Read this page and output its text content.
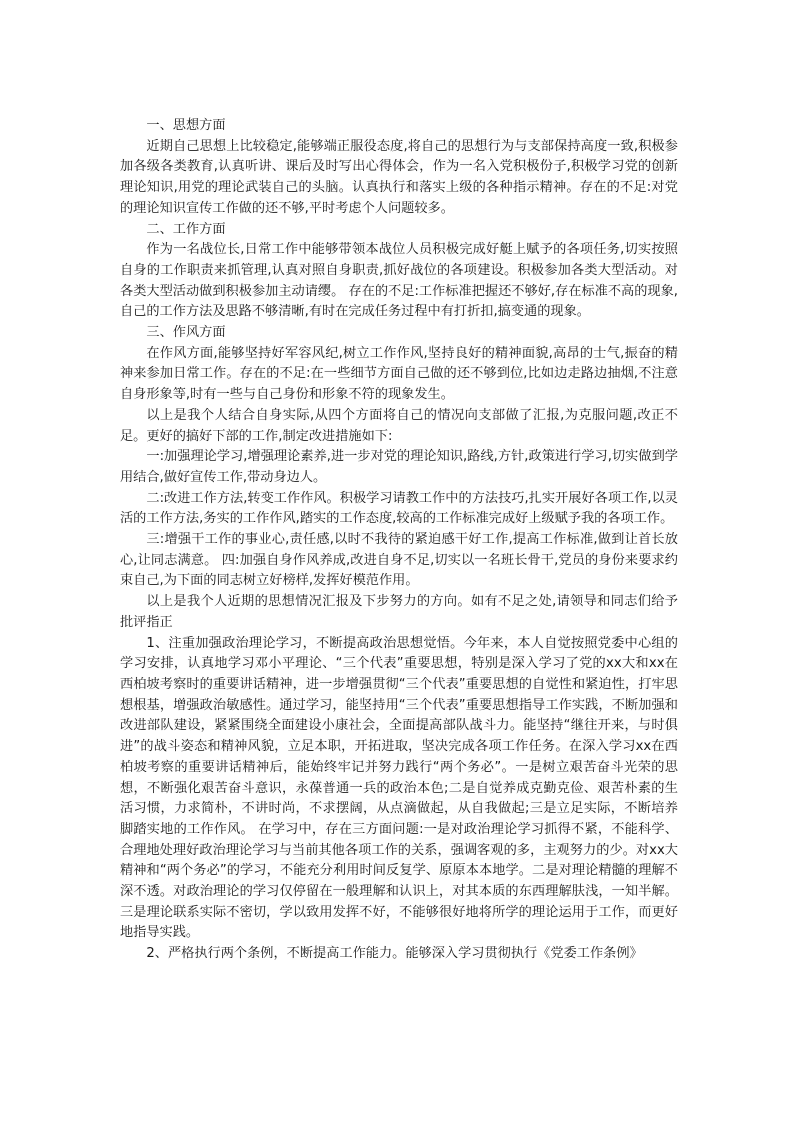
一、思想方面

近期自己思想上比较稳定,能够端正服役态度,将自己的思想行为与支部保持高度一致,积极参加各级各类教育,认真听讲、课后及时写出心得体会，作为一名入党积极份子,积极学习党的创新理论知识,用党的理论武装自己的头脑。认真执行和落实上级的各种指示精神。存在的不足:对党的理论知识宣传工作做的还不够,平时考虑个人问题较多。

二、工作方面

作为一名战位长,日常工作中能够带领本战位人员积极完成好艇上赋予的各项任务,切实按照自身的工作职责来抓管理,认真对照自身职责,抓好战位的各项建设。积极参加各类大型活动。对各类大型活动做到积极参加主动请缨。 存在的不足:工作标准把握还不够好,存在标准不高的现象,自己的工作方法及思路不够清晰,有时在完成任务过程中有打折扣,搞变通的现象。

三、作风方面

在作风方面,能够坚持好军容风纪,树立工作作风,坚持良好的精神面貌,高昂的士气,振奋的精神来参加日常工作。存在的不足:在一些细节方面自己做的还不够到位,比如边走路边抽烟,不注意自身形象等,时有一些与自己身份和形象不符的现象发生。

以上是我个人结合自身实际,从四个方面将自己的情况向支部做了汇报,为克服问题,改正不足。更好的搞好下部的工作,制定改进措施如下:

一:加强理论学习,增强理论素养,进一步对党的理论知识,路线,方针,政策进行学习,切实做到学用结合,做好宣传工作,带动身边人。

二:改进工作方法,转变工作作风。积极学习请教工作中的方法技巧,扎实开展好各项工作,以灵活的工作方法,务实的工作作风,踏实的工作态度,较高的工作标准完成好上级赋予我的各项工作。

三:增强干工作的事业心,责任感,以时不我待的紧迫感干好工作,提高工作标准,做到让首长放心,让同志满意。 四:加强自身作风养成,改进自身不足,切实以一名班长骨干,党员的身份来要求约束自己,为下面的同志树立好榜样,发挥好模范作用。

以上是我个人近期的思想情况汇报及下步努力的方向。如有不足之处,请领导和同志们给予批评指正

1、注重加强政治理论学习，不断提高政治思想觉悟。今年来，本人自觉按照党委中心组的学习安排，认真地学习邓小平理论、“三个代表”重要思想，特别是深入学习了党的xx大和xx在西柏坡考察时的重要讲话精神，进一步增强贯彻“三个代表”重要思想的自觉性和紧迫性，打牢思想根基，增强政治敏感性。通过学习，能坚持用“三个代表”重要思想指导工作实践，不断加强和改进部队建设，紧紧围绕全面建设小康社会，全面提高部队战斗力。能坚持“继往开来，与时俱进”的战斗姿态和精神风貌，立足本职，开拓进取，坚决完成各项工作任务。在深入学习xx在西柏坡考察的重要讲话精神后，能始终牢记并努力践行“两个务必”。一是树立艰苦奋斗光荣的思想，不断强化艰苦奋斗意识，永葆普通一兵的政治本色;二是自觉养成克勤克俭、艰苦朴素的生活习惯，力求简朴，不讲时尚，不求摆阔，从点滴做起，从自我做起;三是立足实际，不断培养脚踏实地的工作作风。 在学习中，存在三方面问题:一是对政治理论学习抓得不紧，不能科学、合理地处理好政治理论学习与当前其他各项工作的关系，强调客观的多，主观努力的少。对xx大精神和“两个务必”的学习，不能充分利用时间反复学、原原本本地学。二是对理论精髓的理解不深不透。对政治理论的学习仅停留在一般理解和认识上，对其本质的东西理解肤浅，一知半解。三是理论联系实际不密切，学以致用发挥不好，不能够很好地将所学的理论运用于工作，而更好地指导实践。

2、严格执行两个条例，不断提高工作能力。能够深入学习贯彻执行《党委工作条例》
